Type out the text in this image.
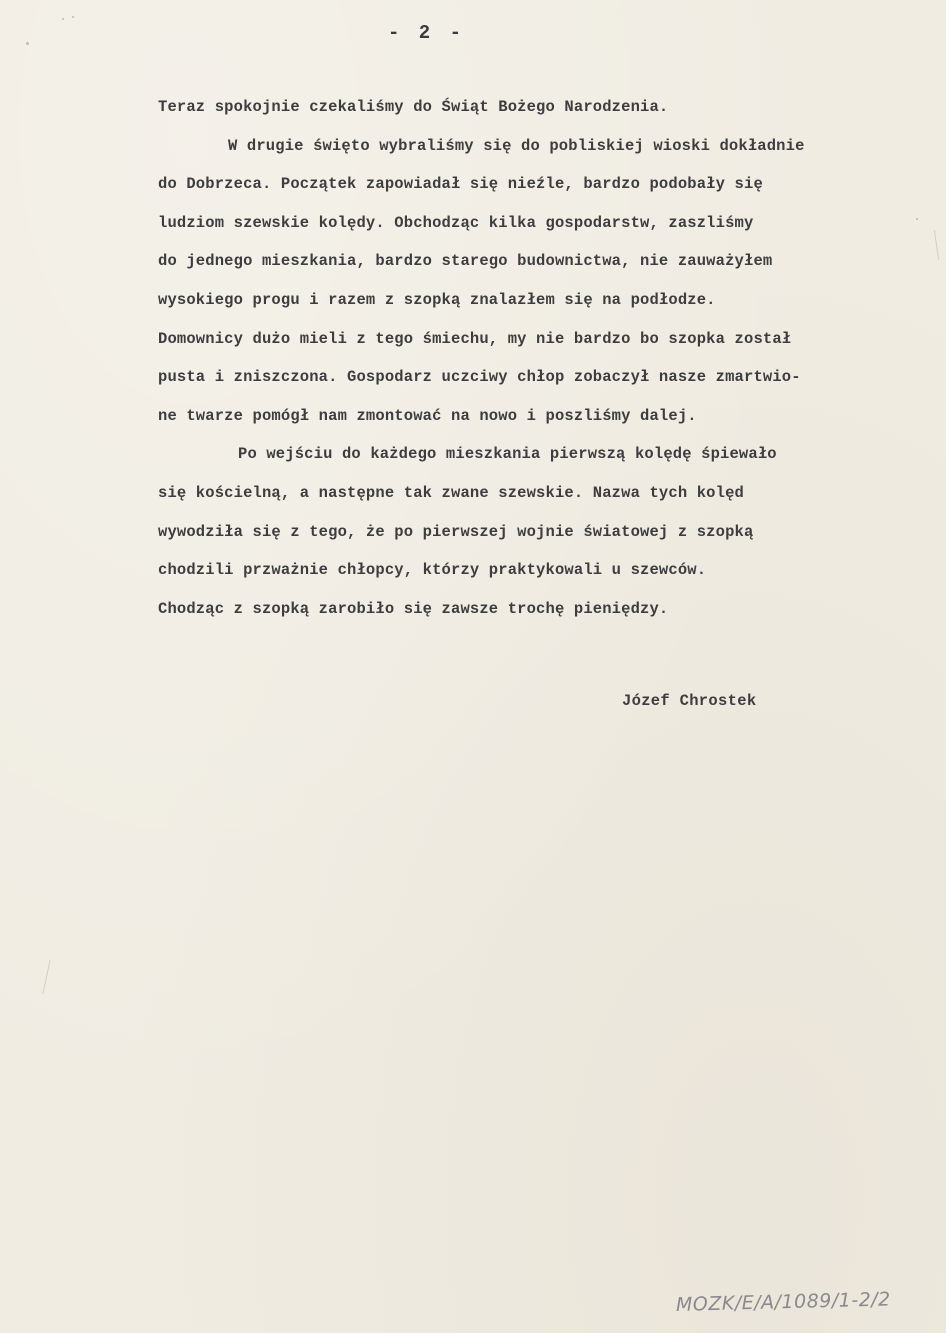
- 2 -
Teraz spokojnie czekaliśmy do Świąt Bożego Narodzenia.
W drugie święto wybraliśmy się do pobliskiej wioski dokładnie
do Dobrzeca. Początek zapowiadał się nieźle, bardzo podobały się
ludziom szewskie kolędy. Obchodząc kilka gospodarstw, zaszliśmy
do jednego mieszkania, bardzo starego budownictwa, nie zauważyłem
wysokiego progu i razem z szopką znalazłem się na podłodze.
Domownicy dużo mieli z tego śmiechu, my nie bardzo bo szopka został
pusta i zniszczona. Gospodarz uczciwy chłop zobaczył nasze zmartwio-
ne twarze pomógł nam zmontować na nowo i poszliśmy dalej.
Po wejściu do każdego mieszkania pierwszą kolędę śpiewało
się kościelną, a następne tak zwane szewskie. Nazwa tych kolęd
wywodziła się z tego, że po pierwszej wojnie światowej z szopką
chodzili przważnie chłopcy, którzy praktykowali u szewców.
Chodząc z szopką zarobiło się zawsze trochę pieniędzy.
Józef Chrostek
MOZK/E/A/1089/1-2/2
